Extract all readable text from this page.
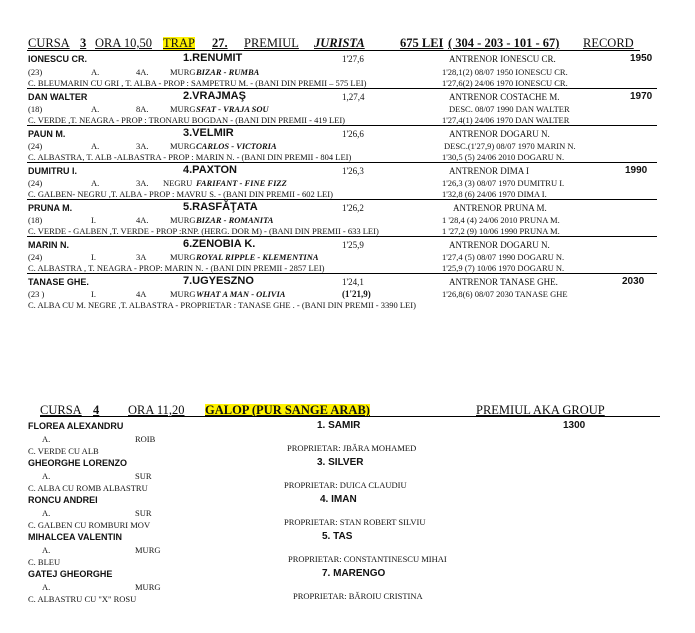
CURSA 3 ORA 10,50 TRAP 27. PREMIUL JURISTA	675 LEI ( 304 - 203 - 101 - 67) RECORD
IONESCU CR.	1.RENUMIT	1'27,6	ANTRENOR IONESCU CR.	1950
(23)	A.	4A.	MURG BIZAR - RUMBA	1'28,1(2) 08/07 1950 IONESCU CR.
C. BLEUMARIN CU GRI , T. ALBA - PROP : SAMPETRU M. - (BANI DIN PREMII – 575 LEI)	1'27,6(2) 24/06 1970 IONESCU CR.
DAN WALTER	2.VRAJMAŞ	1,27,4	ANTRENOR COSTACHE M.	1970
(18)	A.	8A.	MURG SFAT - VRAJA SOU	DESC. 08/07 1990 DAN WALTER
C. VERDE ,T. NEAGRA - PROP : TRONARU BOGDAN - (BANI DIN PREMII - 419 LEI)	1'27,4(1) 24/06 1970 DAN WALTER
PAUN M.	3.VELMIR	1'26,6	ANTRENOR DOGARU N.
(24)	A.	3A.	MURG CARLOS - VICTORIA	DESC.(1'27,9) 08/07 1970 MARIN N.
C. ALBASTRA, T. ALB -ALBASTRA - PROP : MARIN N. - (BANI DIN PREMII - 804 LEI)	1'30,5 (5) 24/06 2010 DOGARU N.
DUMITRU I.	4.PAXTON	1'26,3	ANTRENOR DIMA I	1990
(24)	A.	3A. NEGRU FARIFANT - FINE FIZZ	1'26,3 (3) 08/07 1970 DUMITRU I.
C. GALBEN- NEGRU ,T. ALBA - PROP : MAVRU S. - (BANI DIN PREMII - 602 LEI)	1'32,8 (6) 24/06 1970 DIMA I.
PRUNA M.	5.RASFĂŢATA	1'26,2	ANTRENOR PRUNA M.
(18)	I.	4A.	MURG BIZAR - ROMANITA	1 '28,4 (4) 24/06 2010 PRUNA M.
C. VERDE - GALBEN ,T. VERDE - PROP :RNP. (HERG. DOR M) - (BANI DIN PREMII - 633 LEI)	1 '27,2 (9) 10/06 1990 PRUNA M.
MARIN N.	6.ZENOBIA K.	1'25,9	ANTRENOR DOGARU N.
(24)	I.	3A	MURG ROYAL RIPPLE - KLEMENTINA	1'27,4 (5) 08/07 1990 DOGARU N.
C. ALBASTRA , T. NEAGRA - PROP: MARIN N. - (BANI DIN PREMII - 2857 LEI)	1'25,9 (7) 10/06 1970 DOGARU N.
TANASE GHE.	7.UGYESZNO	1'24,1	ANTRENOR TANASE GHE.	2030
(23 )	I.	4A	MURG WHAT A MAN - OLIVIA	(1'21,9)	1'26,8(6) 08/07 2030 TANASE GHE
C. ALBA CU M. NEGRE ,T. ALBASTRA - PROPRIETAR : TANASE GHE . - (BANI DIN PREMII - 3390 LEI)
CURSA 4 ORA 11,20 GALOP (PUR SANGE ARAB)	PREMIUL AKA GROUP
FLOREA ALEXANDRU	1. SAMIR	1300
A.	ROIB
C. VERDE CU ALB	PROPRIETAR: JBĂRA MOHAMED
GHEORGHE LORENZO	3. SILVER
A.	SUR
C. ALBA CU ROMB ALBASTRU	PROPRIETAR: DUICA CLAUDIU
RONCU ANDREI	4. IMAN
A.	SUR
C. GALBEN CU ROMBURI MOV	PROPRIETAR: STAN ROBERT SILVIU
MIHALCEA VALENTIN	5. TAS
A.	MURG
C. BLEU	PROPRIETAR: CONSTANTINESCU MIHAI
GATEJ GHEORGHE	7. MARENGO
A.	MURG
C. ALBASTRU CU "X" ROSU	PROPRIETAR: BĂROIU CRISTINA
